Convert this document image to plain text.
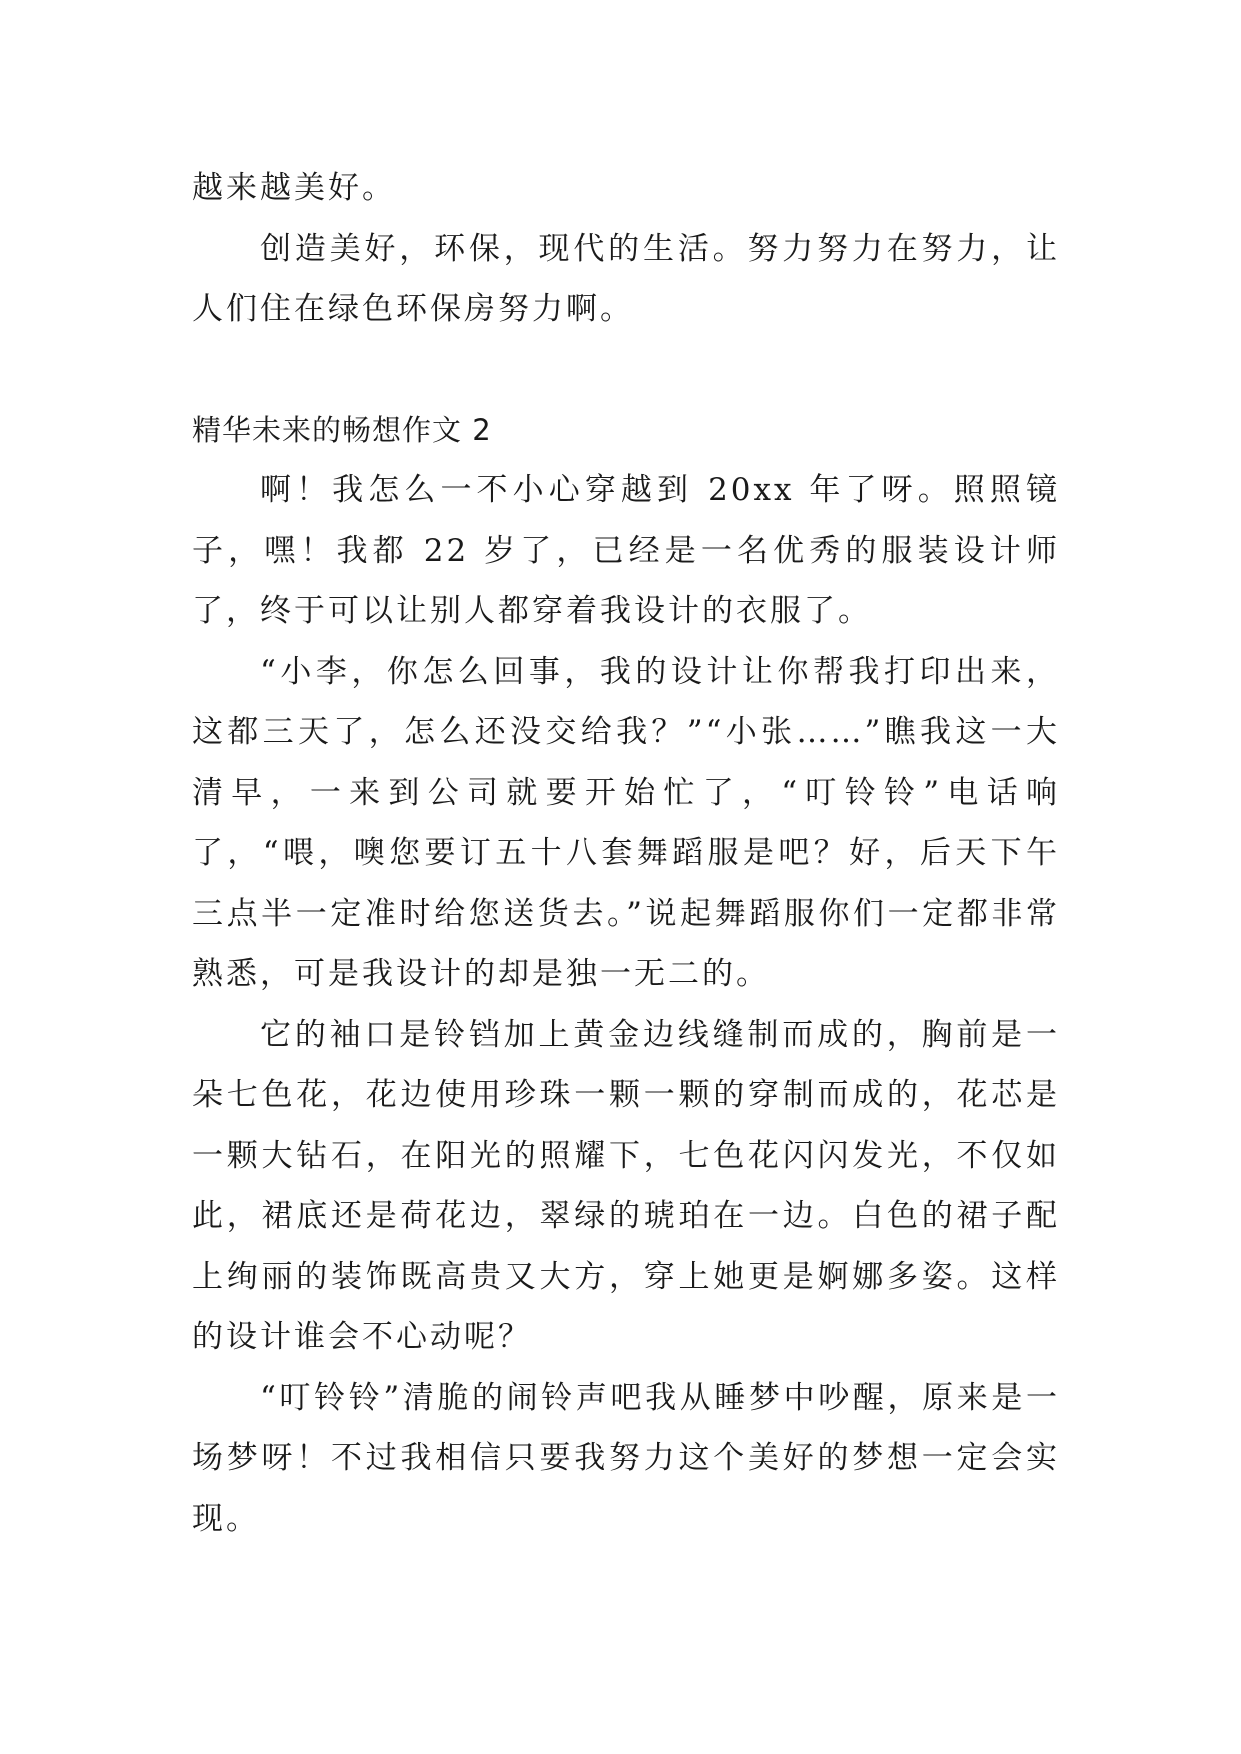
越来越美好。

创造美好，环保，现代的生活。努力努力在努力，让人们住在绿色环保房努力啊。

精华未来的畅想作文 2

啊！我怎么一不小心穿越到 20xx 年了呀。照照镜子，嘿！我都 22 岁了，已经是一名优秀的服装设计师了，终于可以让别人都穿着我设计的衣服了。

“小李，你怎么回事，我的设计让你帮我打印出来，这都三天了，怎么还没交给我？”“小张……”瞧我这一大清早，一来到公司就要开始忙了，“叮铃铃”电话响了，“喂，噢您要订五十八套舞蹈服是吧？好，后天下午三点半一定准时给您送货去。”说起舞蹈服你们一定都非常熟悉，可是我设计的却是独一无二的。

它的袖口是铃铛加上黄金边线缝制而成的，胸前是一朵七色花，花边使用珍珠一颗一颗的穿制而成的，花芯是一颗大钻石，在阳光的照耀下，七色花闪闪发光，不仅如此，裙底还是荷花边，翠绿的琥珀在一边。白色的裙子配上绚丽的装饰既高贵又大方，穿上她更是婀娜多姿。这样的设计谁会不心动呢？

“叮铃铃”清脆的闹铃声吧我从睡梦中吵醒，原来是一场梦呀！不过我相信只要我努力这个美好的梦想一定会实现。
